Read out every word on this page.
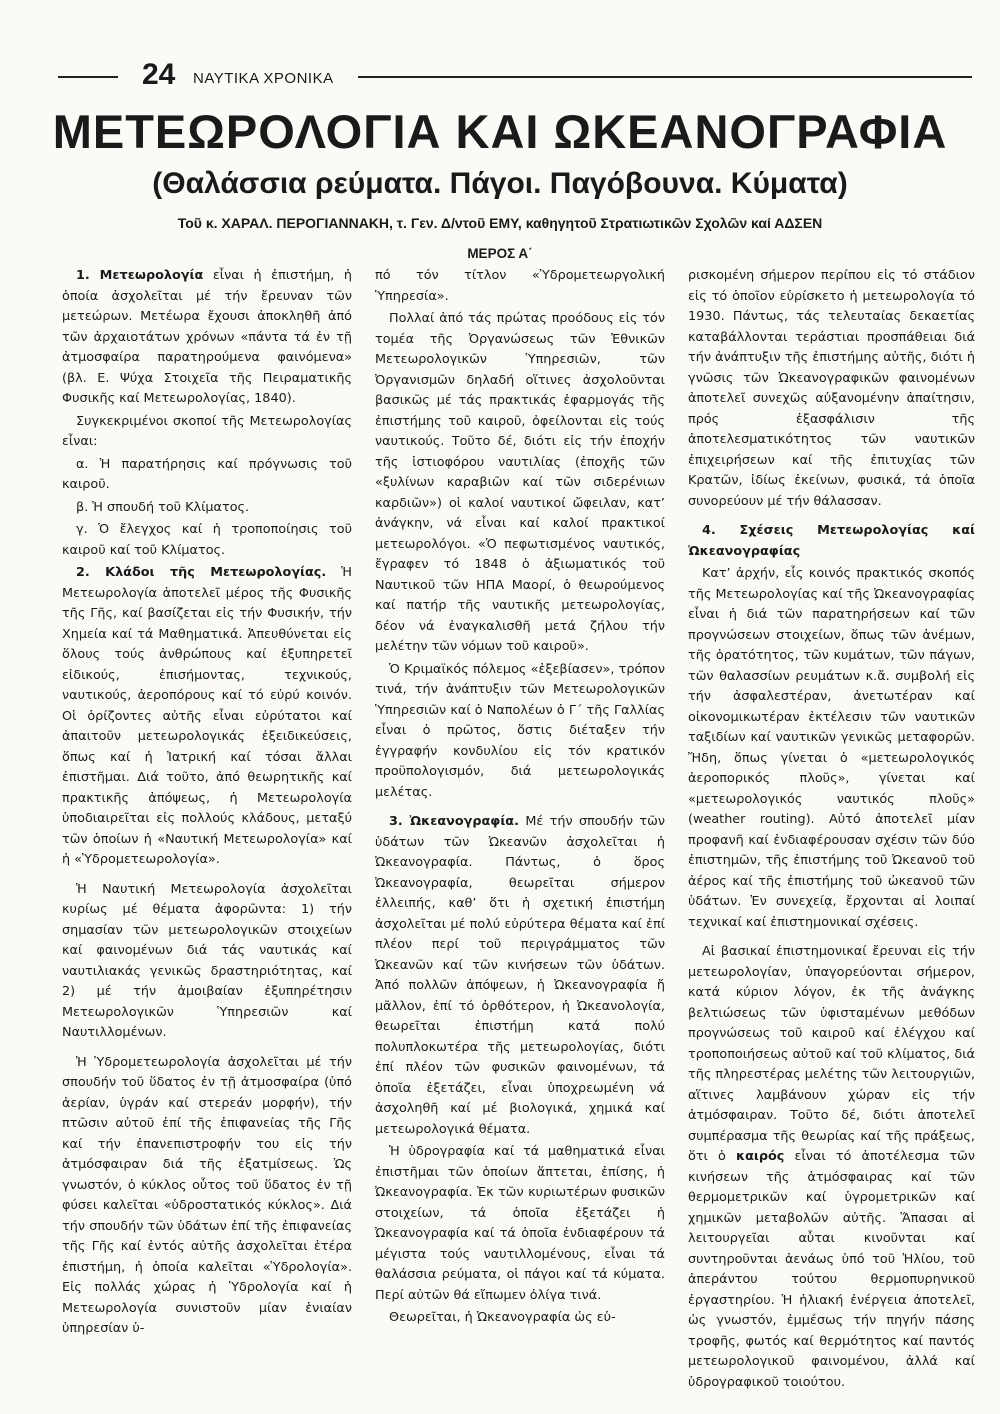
24 ΝΑΥΤΙΚΑ ΧΡΟΝΙΚΑ
ΜΕΤΕΩΡΟΛΟΓΙΑ ΚΑΙ ΩΚΕΑΝΟΓΡΑΦΙΑ
(Θαλάσσια ρεύματα. Πάγοι. Παγόβουνα. Κύματα)
Τοῦ κ. ΧΑΡΑΛ. ΠΕΡΟΓΙΑΝΝΑΚΗ, τ. Γεν. Δ/ντοῦ ΕΜΥ, καθηγητοῦ Στρατιωτικῶν Σχολῶν καί ΑΔΣΕΝ
ΜΕΡΟΣ Α΄

1. Μετεωρολογία εἶναι ἡ ἐπιστήμη, ἡ ὁποία ἀσχολεῖται μέ τήν ἔρευναν τῶν μετεώρων. Μετέωρα ἔχουσι ἀποκληθῆ ἀπό τῶν ἀρχαιοτάτων χρόνων «πάντα τά ἐν τῇ ἀτμοσφαίρα παρατηρούμενα φαινόμενα» (βλ. Ε. Ψύχα Στοιχεῖα τῆς Πειραματικῆς Φυσικῆς καί Μετεωρολογίας, 1840).

Συγκεκριμένοι σκοποί τῆς Μετεωρολογίας εἶναι:

α. Ἡ παρατήρησις καί πρόγνωσις τοῦ καιροῦ.

β. Ἡ σπουδή τοῦ Κλίματος.

γ. Ὁ ἔλεγχος καί ἡ τροποποίησις τοῦ καιροῦ καί τοῦ Κλίματος.

2. Κλάδοι τῆς Μετεωρολογίας. Ἡ Μετεωρολογία ἀποτελεῖ μέρος τῆς Φυσικῆς τῆς Γῆς, καί βασίζεται εἰς τήν Φυσικήν, τήν Χημεία καί τά Μαθηματικά. Ἀπευθύνεται εἰς ὅλους τούς ἀνθρώπους καί ἐξυπηρετεῖ εἰδικούς, ἐπισήμοντας, τεχνικούς, ναυτικούς, ἀεροπόρους καί τό εὐρύ κοινόν. Οἱ ὁρίζοντες αὐτῆς εἶναι εὐρύτατοι καί ἀπαιτοῦν μετεωρολογικάς ἐξειδικεύσεις, ὅπως καί ἡ Ἰατρική καί τόσαι ἄλλαι ἐπιστῆμαι. Διά τοῦτο, ἀπό θεωρητικῆς καί πρακτικῆς ἀπόψεως, ἡ Μετεωρολογία ὑποδιαιρεῖται εἰς πολλούς κλάδους, μεταξύ τῶν ὁποίων ἡ «Ναυτική Μετεωρολογία» καί ἡ «Ὑδρομετεωρολογία».

Ἡ Ναυτική Μετεωρολογία ἀσχολεῖται κυρίως μέ θέματα ἀφορῶντα: 1) τήν σημασίαν τῶν μετεωρολογικῶν στοιχείων καί φαινομένων διά τάς ναυτικάς καί ναυτιλιακάς γενικῶς δραστηριότητας, καί 2) μέ τήν ἀμοιβαίαν ἐξυπηρέτησιν Μετεωρολογικῶν Ὑπηρεσιῶν καί Ναυτιλλομένων.

Ἡ Ὑδρομετεωρολογία ἀσχολεῖται μέ τήν σπουδήν τοῦ ὕδατος ἐν τῇ ἀτμοσφαίρα (ὑπό ἀερίαν, ὑγράν καί στερεάν μορφήν), τήν πτῶσιν αὐτοῦ ἐπί τῆς ἐπιφανείας τῆς Γῆς καί τήν ἐπανεπιστροφήν του εἰς τήν ἀτμόσφαιραν διά τῆς ἐξατμίσεως. Ὡς γνωστόν, ὁ κύκλος οὗτος τοῦ ὕδατος ἐν τῇ φύσει καλεῖται «ὑδροστατικός κύκλος». Διά τήν σπουδήν τῶν ὑδάτων ἐπί τῆς ἐπιφανείας τῆς Γῆς καί ἐντός αὐτῆς ἀσχολεῖται ἑτέρα ἐπιστήμη, ἡ ὁποία καλεῖται «Ὑδρολογία». Εἰς πολλάς χώρας ἡ Ὑδρολογία καί ἡ Μετεωρολογία συνιστοῦν μίαν ἑνιαίαν ὑπηρεσίαν ὑ-

πό τόν τίτλον «Ὑδρομετεωργολική Ὑπηρεσία».

Πολλαί ἀπό τάς πρώτας προόδους εἰς τόν τομέα τῆς Ὀργανώσεως τῶν Ἐθνικῶν Μετεωρολογικῶν Ὑπηρεσιῶν, τῶν Ὀργανισμῶν δηλαδή οἵτινες ἀσχολοῦνται βασικῶς μέ τάς πρακτικάς ἐφαρμογάς τῆς ἐπιστήμης τοῦ καιροῦ, ὀφείλονται εἰς τούς ναυτικούς. Τοῦτο δέ, διότι εἰς τήν ἐποχήν τῆς ἱστιοφόρου ναυτιλίας (ἐποχῆς τῶν «ξυλίνων καραβιῶν καί τῶν σιδερένιων καρδιῶν») οἱ καλοί ναυτικοί ὤφειλαν, κατ’ ἀνάγκην, νά εἶναι καί καλοί πρακτικοί μετεωρολόγοι. «Ὁ πεφωτισμένος ναυτικός, ἔγραφεν τό 1848 ὁ ἀξιωματικός τοῦ Ναυτικοῦ τῶν ΗΠΑ Μαορί, ὁ θεωρούμενος καί πατήρ τῆς ναυτικῆς μετεωρολογίας, δέον νά ἐναγκαλισθῆ μετά ζήλου τήν μελέτην τῶν νόμων τοῦ καιροῦ».

Ὁ Κριμαϊκός πόλεμος «ἐξεβίασεν», τρόπον τινά, τήν ἀνάπτυξιν τῶν Μετεωρολογικῶν Ὑπηρεσιῶν καί ὁ Ναπολέων ὁ Γ΄ τῆς Γαλλίας εἶναι ὁ πρῶτος, ὅστις διέταξεν τήν ἐγγραφήν κονδυλίου εἰς τόν κρατικόν προϋπολογισμόν, διά μετεωρολογικάς μελέτας.

3. Ὠκεανογραφία. Μέ τήν σπουδήν τῶν ὑδάτων τῶν Ὠκεανῶν ἀσχολεῖται ἡ Ὠκεανογραφία. Πάντως, ὁ ὅρος Ὠκεανογραφία, θεωρεῖται σήμερον ἐλλειπής, καθ’ ὅτι ἡ σχετική ἐπιστήμη ἀσχολεῖται μέ πολύ εὐρύτερα θέματα καί ἐπί πλέον περί τοῦ περιγράμματος τῶν Ὠκεανῶν καί τῶν κινήσεων τῶν ὑδάτων. Ἀπό πολλῶν ἀπόψεων, ἡ Ὠκεανογραφία ἤ μᾶλλον, ἐπί τό ὀρθότερον, ἡ Ὠκεανολογία, θεωρεῖται ἐπιστήμη κατά πολύ πολυπλοκωτέρα τῆς μετεωρολογίας, διότι ἐπί πλέον τῶν φυσικῶν φαινομένων, τά ὁποῖα ἐξετάζει, εἶναι ὑποχρεωμένη νά ἀσχοληθῆ καί μέ βιολογικά, χημικά καί μετεωρολογικά θέματα.

Ἡ ὑδρογραφία καί τά μαθηματικά εἶναι ἐπιστῆμαι τῶν ὁποίων ἅπτεται, ἐπίσης, ἡ Ὠκεανογραφία. Ἐκ τῶν κυριωτέρων φυσικῶν στοιχείων, τά ὁποῖα ἐξετάζει ἡ Ὠκεανογραφία καί τά ὁποῖα ἐνδιαφέρουν τά μέγιστα τούς ναυτιλλομένους, εἶναι τά θαλάσσια ρεύματα, οἱ πάγοι καί τά κύματα. Περί αὐτῶν θά εἴπωμεν ὀλίγα τινά.

Θεωρεῖται, ἡ Ὠκεανογραφία ὡς εὑ-

ρισκομένη σήμερον περίπου εἰς τό στάδιον εἰς τό ὁποῖον εὑρίσκετο ἡ μετεωρολογία τό 1930. Πάντως, τάς τελευταίας δεκαετίας καταβάλλονται τεράστιαι προσπάθειαι διά τήν ἀνάπτυξιν τῆς ἐπιστήμης αὐτῆς, διότι ἡ γνῶσις τῶν Ὠκεανογραφικῶν φαινομένων ἀποτελεῖ συνεχῶς αὐξανομένην ἀπαίτησιν, πρός ἐξασφάλισιν τῆς ἀποτελεσματικότητος τῶν ναυτικῶν ἐπιχειρήσεων καί τῆς ἐπιτυχίας τῶν Κρατῶν, ἰδίως ἐκείνων, φυσικά, τά ὁποῖα συνορεύουν μέ τήν θάλασσαν.

4. Σχέσεις Μετεωρολογίας καί Ὠκεανογραφίας

Κατ’ ἀρχήν, εἷς κοινός πρακτικός σκοπός τῆς Μετεωρολογίας καί τῆς Ὠκεανογραφίας εἶναι ἡ διά τῶν παρατηρήσεων καί τῶν προγνώσεων στοιχείων, ὅπως τῶν ἀνέμων, τῆς ὁρατότητος, τῶν κυμάτων, τῶν πάγων, τῶν θαλασσίων ρευμάτων κ.ἄ. συμβολή εἰς τήν ἀσφαλεστέραν, ἀνετωτέραν καί οἰκονομικωτέραν ἐκτέλεσιν τῶν ναυτικῶν ταξιδίων καί ναυτικῶν γενικῶς μεταφορῶν. Ἤδη, ὅπως γίνεται ὁ «μετεωρολογικός ἀεροπορικός πλοῦς», γίνεται καί «μετεωρολογικός ναυτικός πλοῦς» (weather routing). Αὐτό ἀποτελεῖ μίαν προφανῆ καί ἐνδιαφέρουσαν σχέσιν τῶν δύο ἐπιστημῶν, τῆς ἐπιστήμης τοῦ Ὠκεανοῦ τοῦ ἀέρος καί τῆς ἐπιστήμης τοῦ ὠκεανοῦ τῶν ὑδάτων. Ἐν συνεχείᾳ, ἔρχονται αἱ λοιπαί τεχνικαί καί ἐπιστημονικαί σχέσεις.

Αἱ βασικαί ἐπιστημονικαί ἔρευναι εἰς τήν μετεωρολογίαν, ὑπαγορεύονται σήμερον, κατά κύριον λόγον, ἐκ τῆς ἀνάγκης βελτιώσεως τῶν ὑφισταμένων μεθόδων προγνώσεως τοῦ καιροῦ καί ἐλέγχου καί τροποποιήσεως αὐτοῦ καί τοῦ κλίματος, διά τῆς πληρεστέρας μελέτης τῶν λειτουργιῶν, αἵτινες λαμβάνουν χώραν εἰς τήν ἀτμόσφαιραν. Τοῦτο δέ, διότι ἀποτελεῖ συμπέρασμα τῆς θεωρίας καί τῆς πράξεως, ὅτι ὁ καιρός εἶναι τό ἀποτέλεσμα τῶν κινήσεων τῆς ἀτμόσφαιρας καί τῶν θερμομετρικῶν καί ὑγρομετρικῶν καί χημικῶν μεταβολῶν αὐτῆς. Ἅπασαι αἱ λειτουργεῖαι αὗται κινοῦνται καί συντηροῦνται ἀενάως ὑπό τοῦ Ἡλίου, τοῦ ἀπεράντου τούτου θερμοπυρηνικοῦ ἐργαστηρίου. Ἡ ἡλιακή ἐνέργεια ἀποτελεῖ, ὡς γνωστόν, ἐμμέσως τήν πηγήν πάσης τροφῆς, φωτός καί θερμότητος καί παντός μετεωρολογικοῦ φαινομένου, ἀλλά καί ὑδρογραφικοῦ τοιούτου.
